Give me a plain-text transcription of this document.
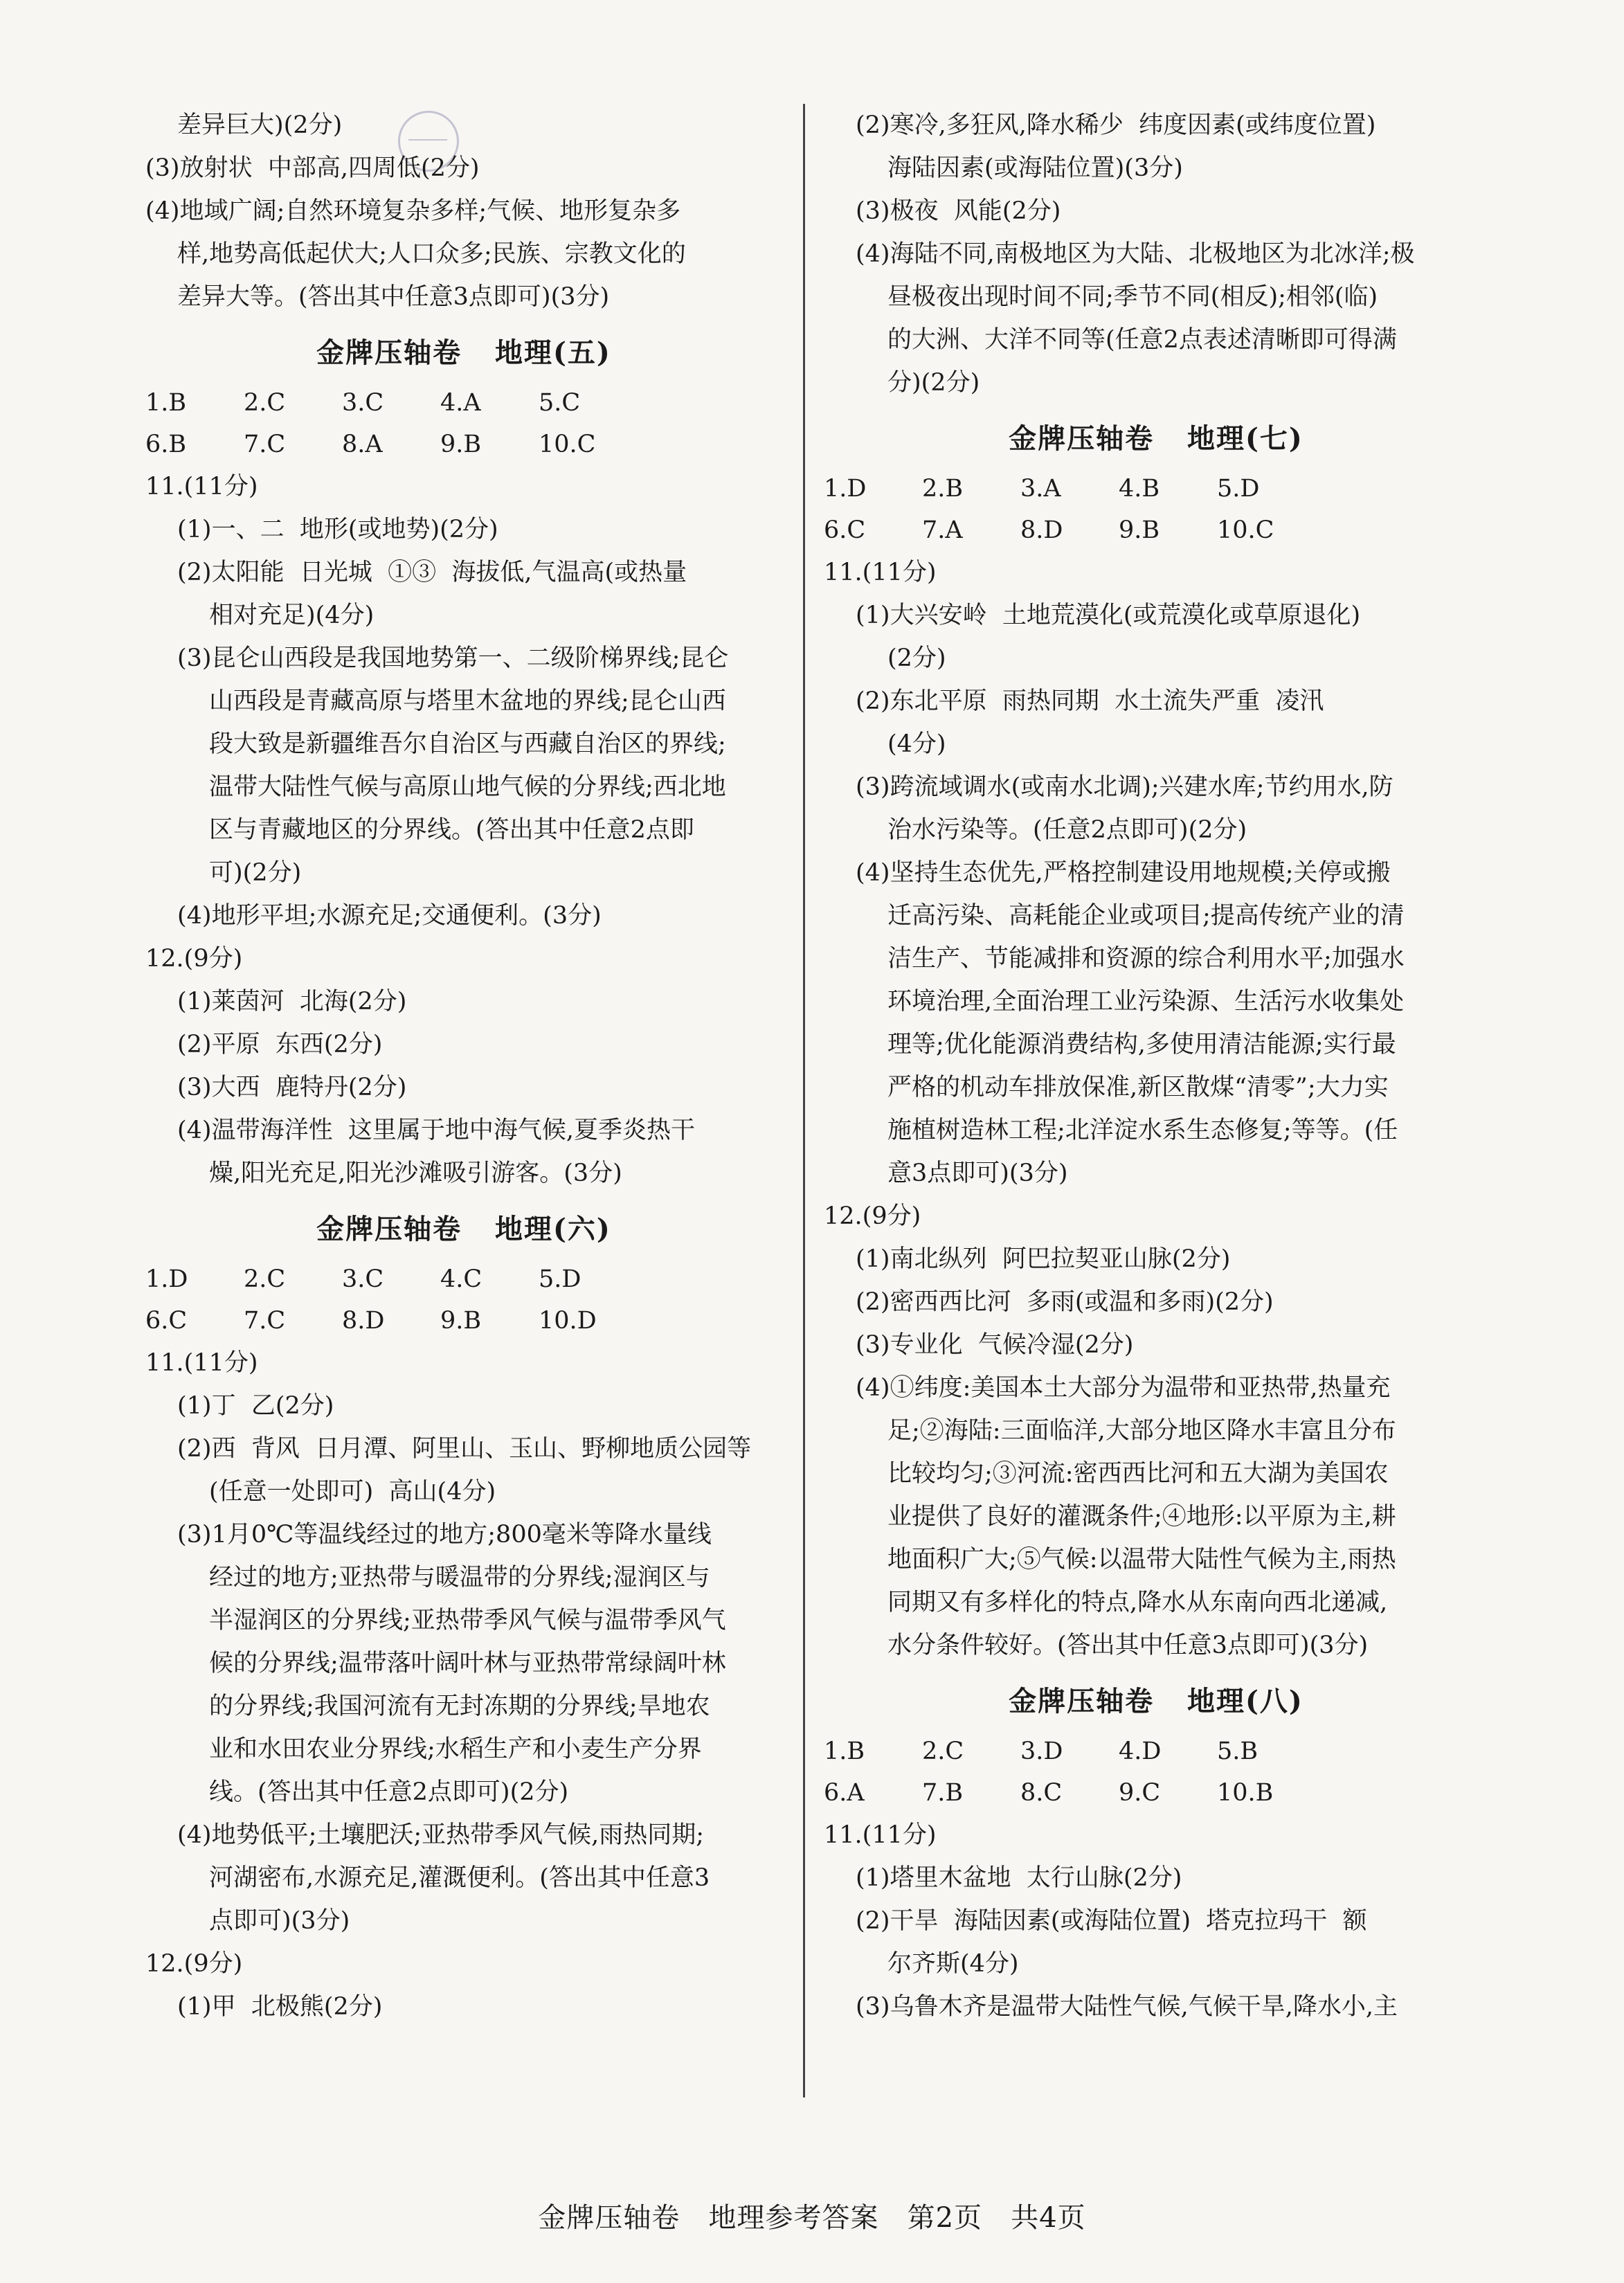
差异巨大)(2分)
(3)放射状  中部高,四周低(2分)
(4)地域广阔;自然环境复杂多样;气候、地形复杂多
样,地势高低起伏大;人口众多;民族、宗教文化的
差异大等。(答出其中任意3点即可)(3分)
金牌压轴卷   地理(五)
1.B	2.C	3.C	4.A	5.C
6.B	7.C	8.A	9.B	10.C
11.(11分)
(1)一、二  地形(或地势)(2分)
(2)太阳能  日光城  ①③  海拔低,气温高(或热量
相对充足)(4分)
(3)昆仑山西段是我国地势第一、二级阶梯界线;昆仑
山西段是青藏高原与塔里木盆地的界线;昆仑山西
段大致是新疆维吾尔自治区与西藏自治区的界线;
温带大陆性气候与高原山地气候的分界线;西北地
区与青藏地区的分界线。(答出其中任意2点即
可)(2分)
(4)地形平坦;水源充足;交通便利。(3分)
12.(9分)
(1)莱茵河  北海(2分)
(2)平原  东西(2分)
(3)大西  鹿特丹(2分)
(4)温带海洋性  这里属于地中海气候,夏季炎热干
燥,阳光充足,阳光沙滩吸引游客。(3分)
金牌压轴卷   地理(六)
1.D	2.C	3.C	4.C	5.D
6.C	7.C	8.D	9.B	10.D
11.(11分)
(1)丁  乙(2分)
(2)西  背风  日月潭、阿里山、玉山、野柳地质公园等
(任意一处即可)  高山(4分)
(3)1月0℃等温线经过的地方;800毫米等降水量线
经过的地方;亚热带与暖温带的分界线;湿润区与
半湿润区的分界线;亚热带季风气候与温带季风气
候的分界线;温带落叶阔叶林与亚热带常绿阔叶林
的分界线;我国河流有无封冻期的分界线;旱地农
业和水田农业分界线;水稻生产和小麦生产分界
线。(答出其中任意2点即可)(2分)
(4)地势低平;土壤肥沃;亚热带季风气候,雨热同期;
河湖密布,水源充足,灌溉便利。(答出其中任意3
点即可)(3分)
12.(9分)
(1)甲  北极熊(2分)
(2)寒冷,多狂风,降水稀少  纬度因素(或纬度位置)
海陆因素(或海陆位置)(3分)
(3)极夜  风能(2分)
(4)海陆不同,南极地区为大陆、北极地区为北冰洋;极
昼极夜出现时间不同;季节不同(相反);相邻(临)
的大洲、大洋不同等(任意2点表述清晰即可得满
分)(2分)
金牌压轴卷   地理(七)
1.D	2.B	3.A	4.B	5.D
6.C	7.A	8.D	9.B	10.C
11.(11分)
(1)大兴安岭  土地荒漠化(或荒漠化或草原退化)
(2分)
(2)东北平原  雨热同期  水土流失严重  凌汛
(4分)
(3)跨流域调水(或南水北调);兴建水库;节约用水,防
治水污染等。(任意2点即可)(2分)
(4)坚持生态优先,严格控制建设用地规模;关停或搬
迁高污染、高耗能企业或项目;提高传统产业的清
洁生产、节能减排和资源的综合利用水平;加强水
环境治理,全面治理工业污染源、生活污水收集处
理等;优化能源消费结构,多使用清洁能源;实行最
严格的机动车排放保准,新区散煤“清零”;大力实
施植树造林工程;北洋淀水系生态修复;等等。(任
意3点即可)(3分)
12.(9分)
(1)南北纵列  阿巴拉契亚山脉(2分)
(2)密西西比河  多雨(或温和多雨)(2分)
(3)专业化  气候冷湿(2分)
(4)①纬度:美国本土大部分为温带和亚热带,热量充
足;②海陆:三面临洋,大部分地区降水丰富且分布
比较均匀;③河流:密西西比河和五大湖为美国农
业提供了良好的灌溉条件;④地形:以平原为主,耕
地面积广大;⑤气候:以温带大陆性气候为主,雨热
同期又有多样化的特点,降水从东南向西北递减,
水分条件较好。(答出其中任意3点即可)(3分)
金牌压轴卷   地理(八)
1.B	2.C	3.D	4.D	5.B
6.A	7.B	8.C	9.C	10.B
11.(11分)
(1)塔里木盆地  太行山脉(2分)
(2)干旱  海陆因素(或海陆位置)  塔克拉玛干  额
尔齐斯(4分)
(3)乌鲁木齐是温带大陆性气候,气候干旱,降水小,主
金牌压轴卷   地理参考答案   第2页   共4页
